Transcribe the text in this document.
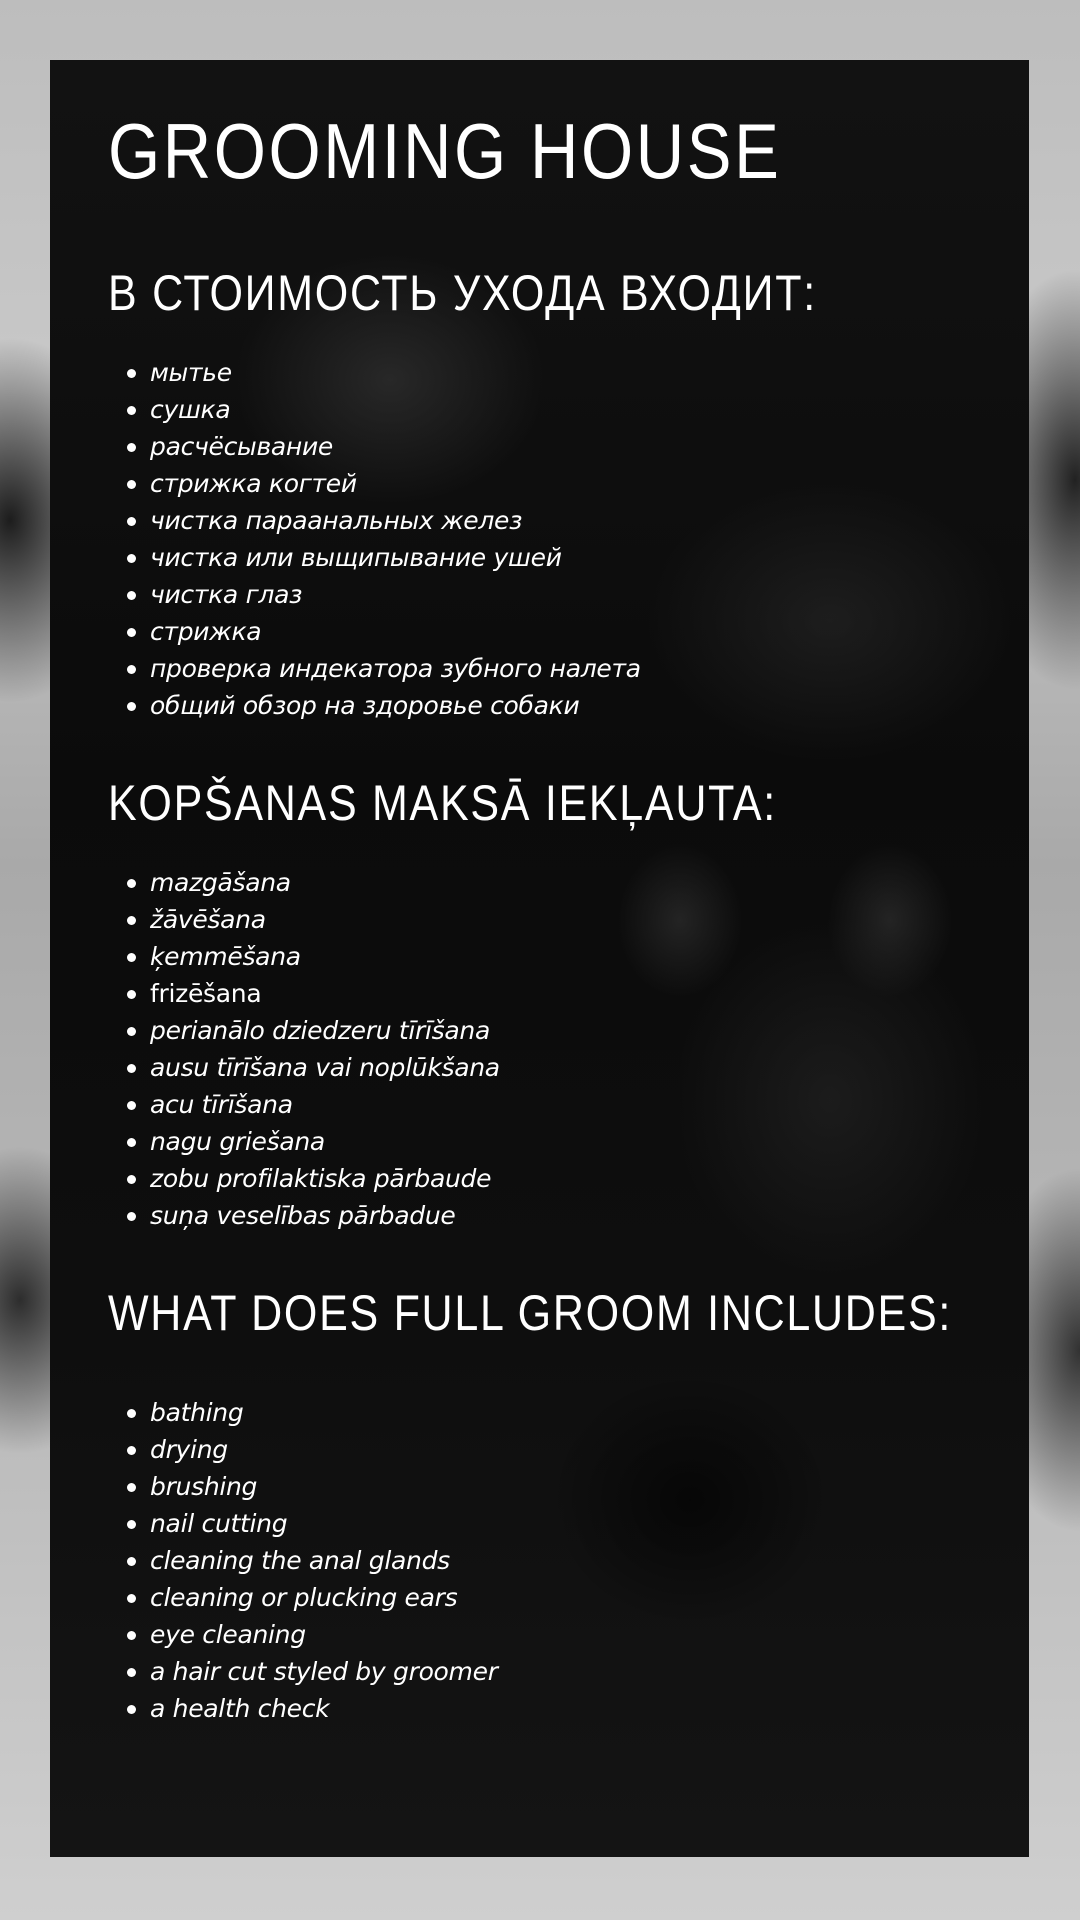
GROOMING HOUSE
В СТОИМОСТЬ УХОДА ВХОДИТ:
мытье
сушка
расчёсывание
стрижка когтей
чистка параанальных желез
чистка или выщипывание ушей
чистка глаз
стрижка
проверка индекатора зубного налета
общий обзор на здоровье собаки
KOPŠANAS MAKSĀ IEKĻAUTA:
mazgāšana
žāvēšana
ķemmēšana
frizēšana
perianālo dziedzeru tīrīšana
ausu tīrīšana vai noplūkšana
acu tīrīšana
nagu griešana
zobu profilaktiska pārbaude
suņa veselības pārbadue
WHAT DOES FULL GROOM INCLUDES:
bathing
drying
brushing
nail cutting
cleaning the anal glands
cleaning or plucking ears
eye cleaning
a hair cut styled by groomer
a health check
